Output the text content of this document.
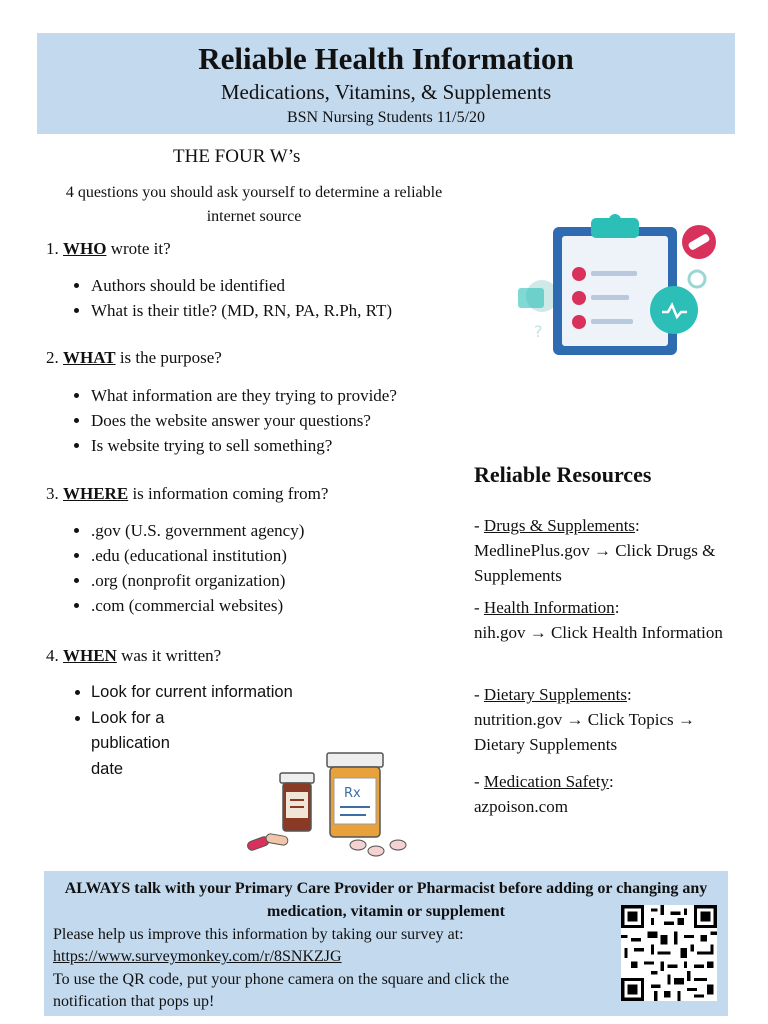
Reliable Health Information
Medications, Vitamins, & Supplements
BSN Nursing Students 11/5/20
THE FOUR W’s
4 questions you should ask yourself to determine a reliable internet source
1. WHO wrote it?
• Authors should be identified
• What is their title? (MD, RN, PA, R.Ph, RT)
2. WHAT is the purpose?
• What information are they trying to provide?
• Does the website answer your questions?
• Is website trying to sell something?
3. WHERE is information coming from?
• .gov (U.S. government agency)
• .edu (educational institution)
• .org (nonprofit organization)
• .com (commercial websites)
4. WHEN was it written?
• Look for current information
• Look for a publication date
?
Reliable Resources
- Drugs & Supplements:
MedlinePlus.gov → Click Drugs & Supplements
- Health Information:
nih.gov → Click Health Information
- Dietary Supplements:
nutrition.gov → Click Topics → Dietary Supplements
- Medication Safety:
azpoison.com
Rx
ALWAYS talk with your Primary Care Provider or Pharmacist before adding or changing any medication, vitamin or supplement
Please help us improve this information by taking our survey at:
https://www.surveymonkey.com/r/8SNKZJG
To use the QR code, put your phone camera on the square and click the
notification that pops up!
